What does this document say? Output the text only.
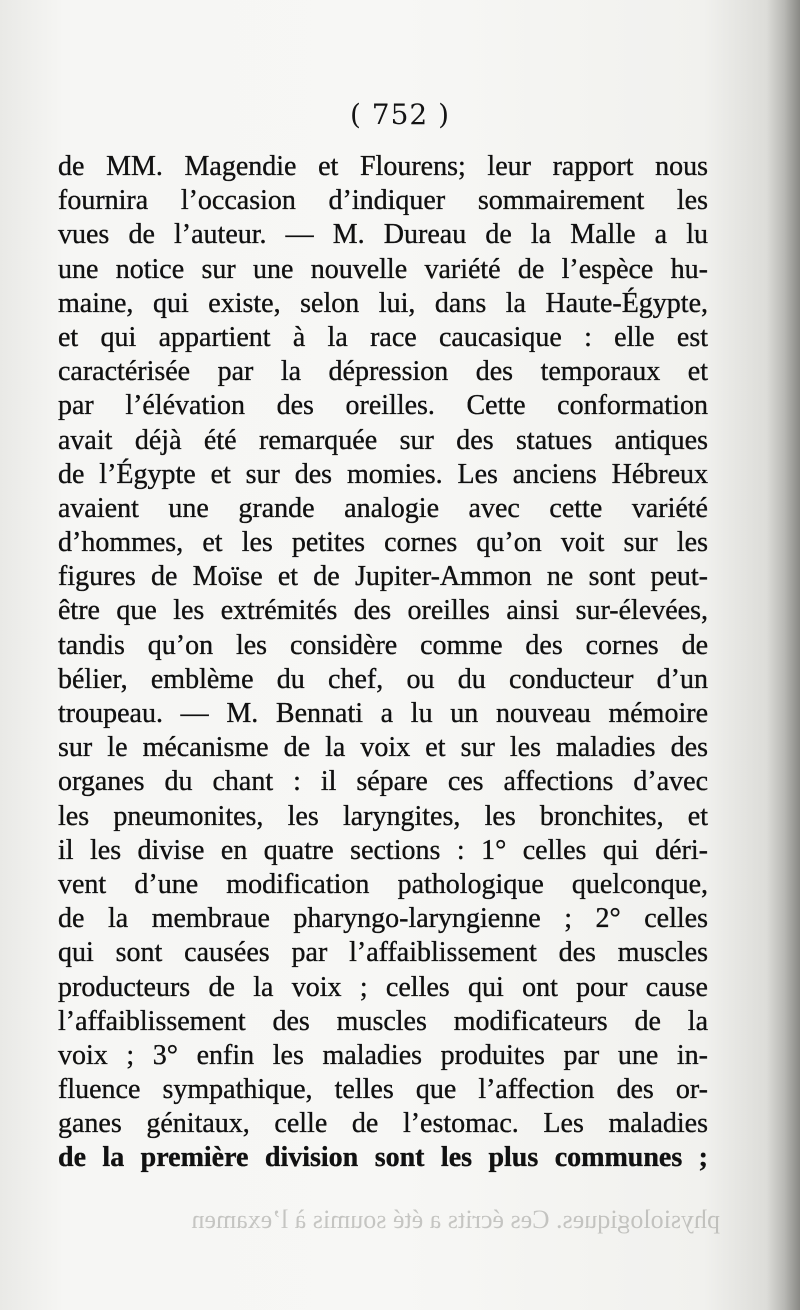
( 752 )
de MM. Magendie et Flourens; leur rapport nous
fournira l’occasion d’indiquer sommairement les
vues de l’auteur. — M. Dureau de la Malle a lu
une notice sur une nouvelle variété de l’espèce hu-
maine, qui existe, selon lui, dans la Haute-Égypte,
et qui appartient à la race caucasique : elle est
caractérisée par la dépression des temporaux et
par l’élévation des oreilles. Cette conformation
avait déjà été remarquée sur des statues antiques
de l’Égypte et sur des momies. Les anciens Hébreux
avaient une grande analogie avec cette variété
d’hommes, et les petites cornes qu’on voit sur les
figures de Moïse et de Jupiter-Ammon ne sont peut-
être que les extrémités des oreilles ainsi sur-élevées,
tandis qu’on les considère comme des cornes de
bélier, emblème du chef, ou du conducteur d’un
troupeau. — M. Bennati a lu un nouveau mémoire
sur le mécanisme de la voix et sur les maladies des
organes du chant : il sépare ces affections d’avec
les pneumonites, les laryngites, les bronchites, et
il les divise en quatre sections : 1° celles qui déri-
vent d’une modification pathologique quelconque,
de la membraue pharyngo-laryngienne ; 2° celles
qui sont causées par l’affaiblissement des muscles
producteurs de la voix ; celles qui ont pour cause
l’affaiblissement des muscles modificateurs de la
voix ; 3° enfin les maladies produites par une in-
fluence sympathique, telles que l’affection des or-
ganes génitaux, celle de l’estomac. Les maladies
de la première division sont les plus communes ;
physiologiques. Ces écrits a été soumis à l’examen
